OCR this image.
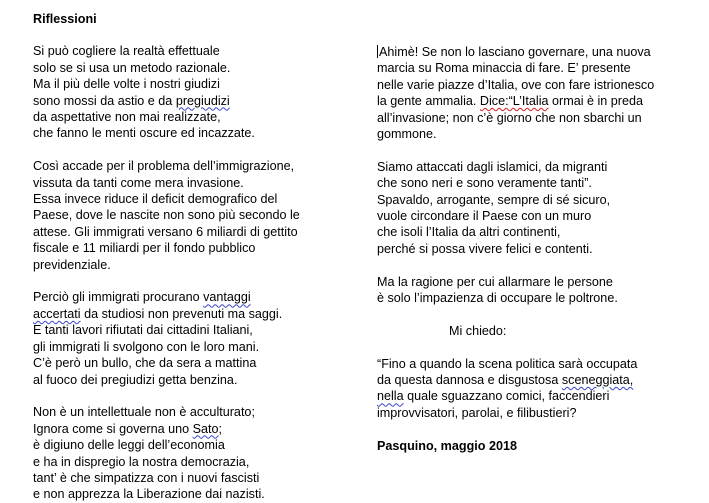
Riflessioni
Si può cogliere la realtà effettuale
solo se si usa un metodo razionale.
Ma il più delle volte i nostri giudizi
sono mossi da astio e da pregiudizi
da aspettative non mai realizzate,
che fanno le menti oscure ed incazzate.
Così accade per il problema dell’immigrazione,
vissuta da tanti come mera invasione.
Essa invece riduce il deficit demografico del
Paese, dove le nascite non sono più secondo le
attese. Gli immigrati versano 6 miliardi di gettito
fiscale e 11 miliardi per il fondo pubblico
previdenziale.
Perciò gli immigrati procurano vantaggi
accertati da studiosi non prevenuti ma saggi.
E tanti lavori rifiutati dai cittadini Italiani,
gli immigrati li svolgono con le loro mani.
C’è però un bullo, che da sera a mattina
al fuoco dei pregiudizi getta benzina.
Non è un intellettuale non è acculturato;
Ignora come si governa uno Sato;
è digiuno delle leggi dell’economia
e ha in dispregio la nostra democrazia,
tant’ è che simpatizza con i nuovi fascisti
e non apprezza la Liberazione dai nazisti.
Ahimè! Se non lo lasciano governare, una nuova
marcia su Roma minaccia di fare. E’ presente
nelle varie piazze d’Italia, ove con fare istrionesco
la gente ammalia. Dice:“L’Italia ormai è in preda
all’invasione; non c’è giorno che non sbarchi un
gommone.
Siamo attaccati dagli islamici, da migranti
che sono neri e sono veramente tanti”.
Spavaldo, arrogante, sempre di sé sicuro,
vuole circondare il Paese con un muro
che isoli l’Italia da altri continenti,
perché si possa vivere felici e contenti.
Ma la ragione per cui allarmare le persone
è solo l’impazienza di occupare le poltrone.
Mi chiedo:
“Fino a quando la scena politica sarà occupata
da questa dannosa e disgustosa sceneggiata,
nella quale sguazzano comici, faccendieri
improvvisatori, parolai, e filibustieri?
Pasquino, maggio 2018
